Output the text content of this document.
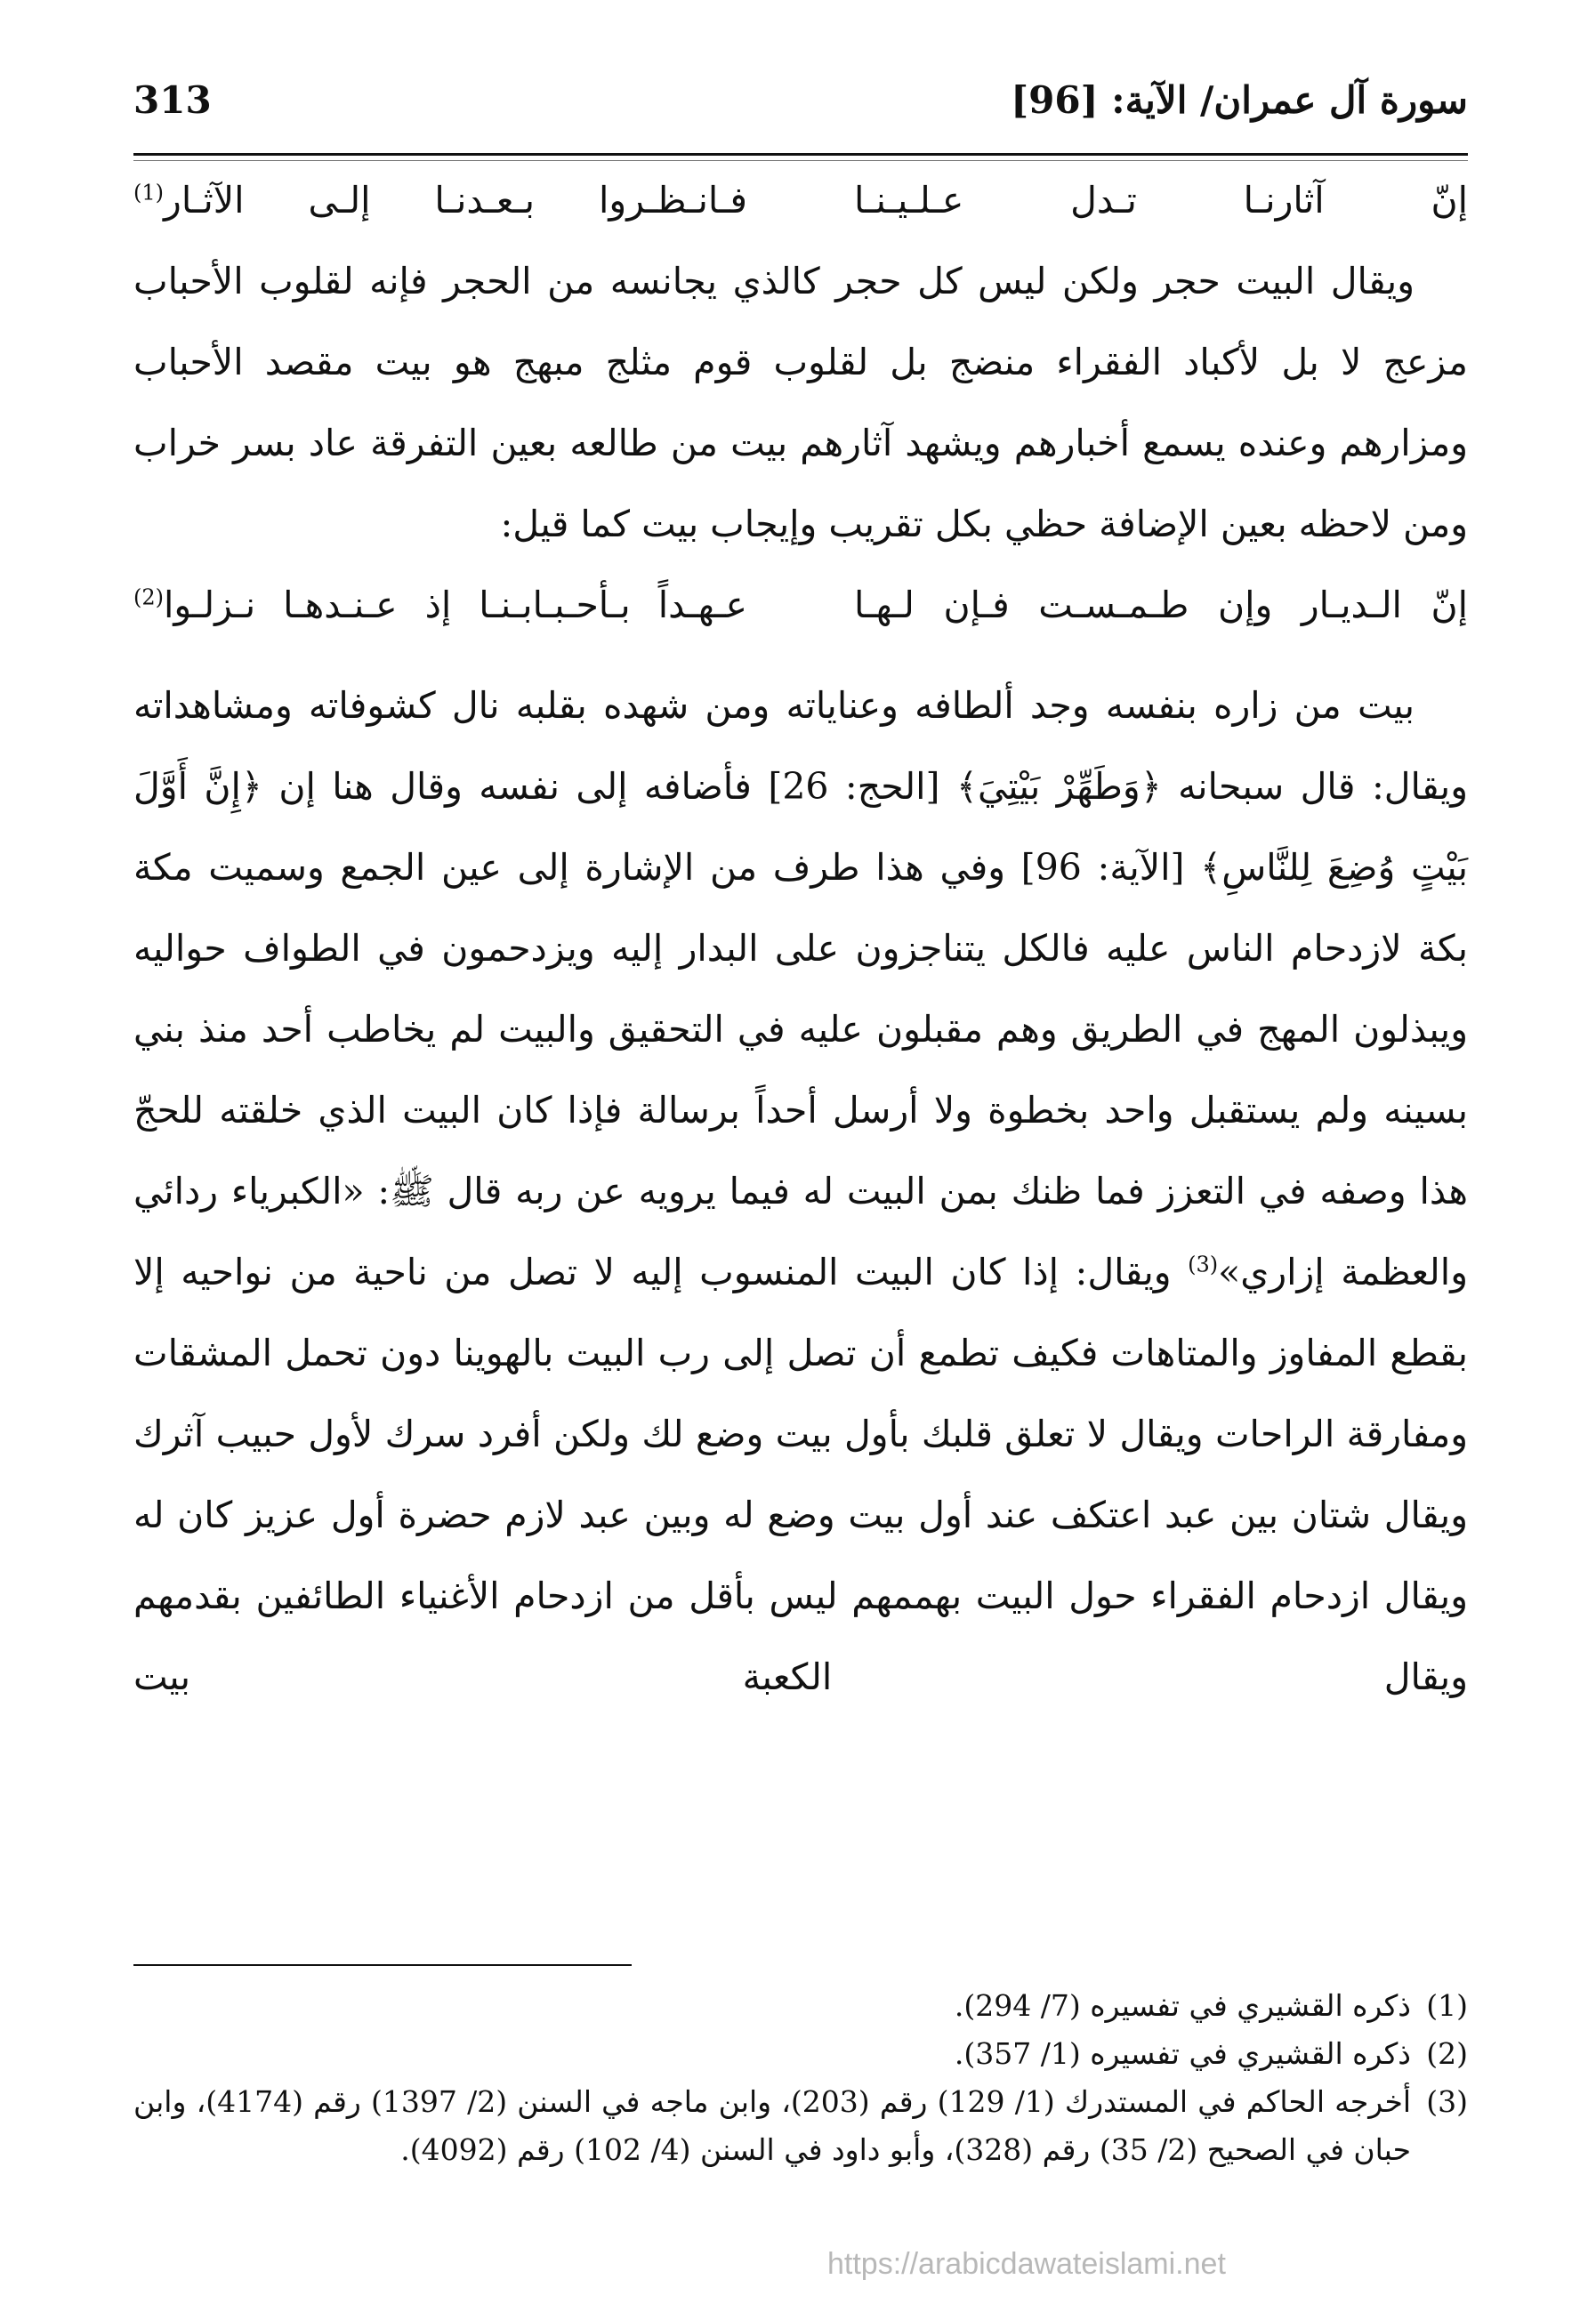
سورة آل عمران/ الآية: [96]
313
إنّ آثارنـا تـدل عـلـيـنـا
فـانـظـروا بـعـدنـا إلـى الآثـار$^{(1)}$

ويقال البيت حجر ولكن ليس كل حجر كالذي يجانسه من الحجر فإنه لقلوب الأحباب مزعج لا بل لأكباد الفقراء منضج بل لقلوب قوم مثلج مبهج هو بيت مقصد الأحباب ومزارهم وعنده يسمع أخبارهم ويشهد آثارهم بيت من طالعه بعين التفرقة عاد بسر خراب ومن لاحظه بعين الإضافة حظي بكل تقريب وإيجاب بيت كما قيل:

إنّ الـديـار وإن طـمـسـت فـإن لـهـا
عـهـداً بـأحـبـابـنـا إذ عـنـدهـا نـزلـوا$^{(2)}$

بيت من زاره بنفسه وجد ألطافه وعناياته ومن شهده بقلبه نال كشوفاته ومشاهداته ويقال: قال سبحانه ﴿وَطَهِّرْ بَيْتِيَ﴾ [الحج: 26] فأضافه إلى نفسه وقال هنا إن ﴿إِنَّ أَوَّلَ بَيْتٍ وُضِعَ لِلنَّاسِ﴾ [الآية: 96] وفي هذا طرف من الإشارة إلى عين الجمع وسميت مكة بكة لازدحام الناس عليه فالكل يتناجزون على البدار إليه ويزدحمون في الطواف حواليه ويبذلون المهج في الطريق وهم مقبلون عليه في التحقيق والبيت لم يخاطب أحد منذ بني بسينه ولم يستقبل واحد بخطوة ولا أرسل أحداً برسالة فإذا كان البيت الذي خلقته للحجّ هذا وصفه في التعزز فما ظنك بمن البيت له فيما يرويه عن ربه قال ﷺ: «الكبرياء ردائي والعظمة إزاري»$^{(3)}$ ويقال: إذا كان البيت المنسوب إليه لا تصل من ناحية من نواحيه إلا بقطع المفاوز والمتاهات فكيف تطمع أن تصل إلى رب البيت بالهوينا دون تحمل المشقات ومفارقة الراحات ويقال لا تعلق قلبك بأول بيت وضع لك ولكن أفرد سرك لأول حبيب آثرك ويقال شتان بين عبد اعتكف عند أول بيت وضع له وبين عبد لازم حضرة أول عزيز كان له ويقال ازدحام الفقراء حول البيت بهممهم ليس بأقل من ازدحام الأغنياء الطائفين بقدمهم ويقال الكعبة بيت

(1)
ذكره القشيري في تفسيره (7/ 294).
(2)
ذكره القشيري في تفسيره (1/ 357).
(3)
أخرجه الحاكم في المستدرك (1/ 129) رقم (203)، وابن ماجه في السنن (2/ 1397) رقم (4174)، وابن حبان في الصحيح (2/ 35) رقم (328)، وأبو داود في السنن (4/ 102) رقم (4092).
https://arabicdawateislami.net
